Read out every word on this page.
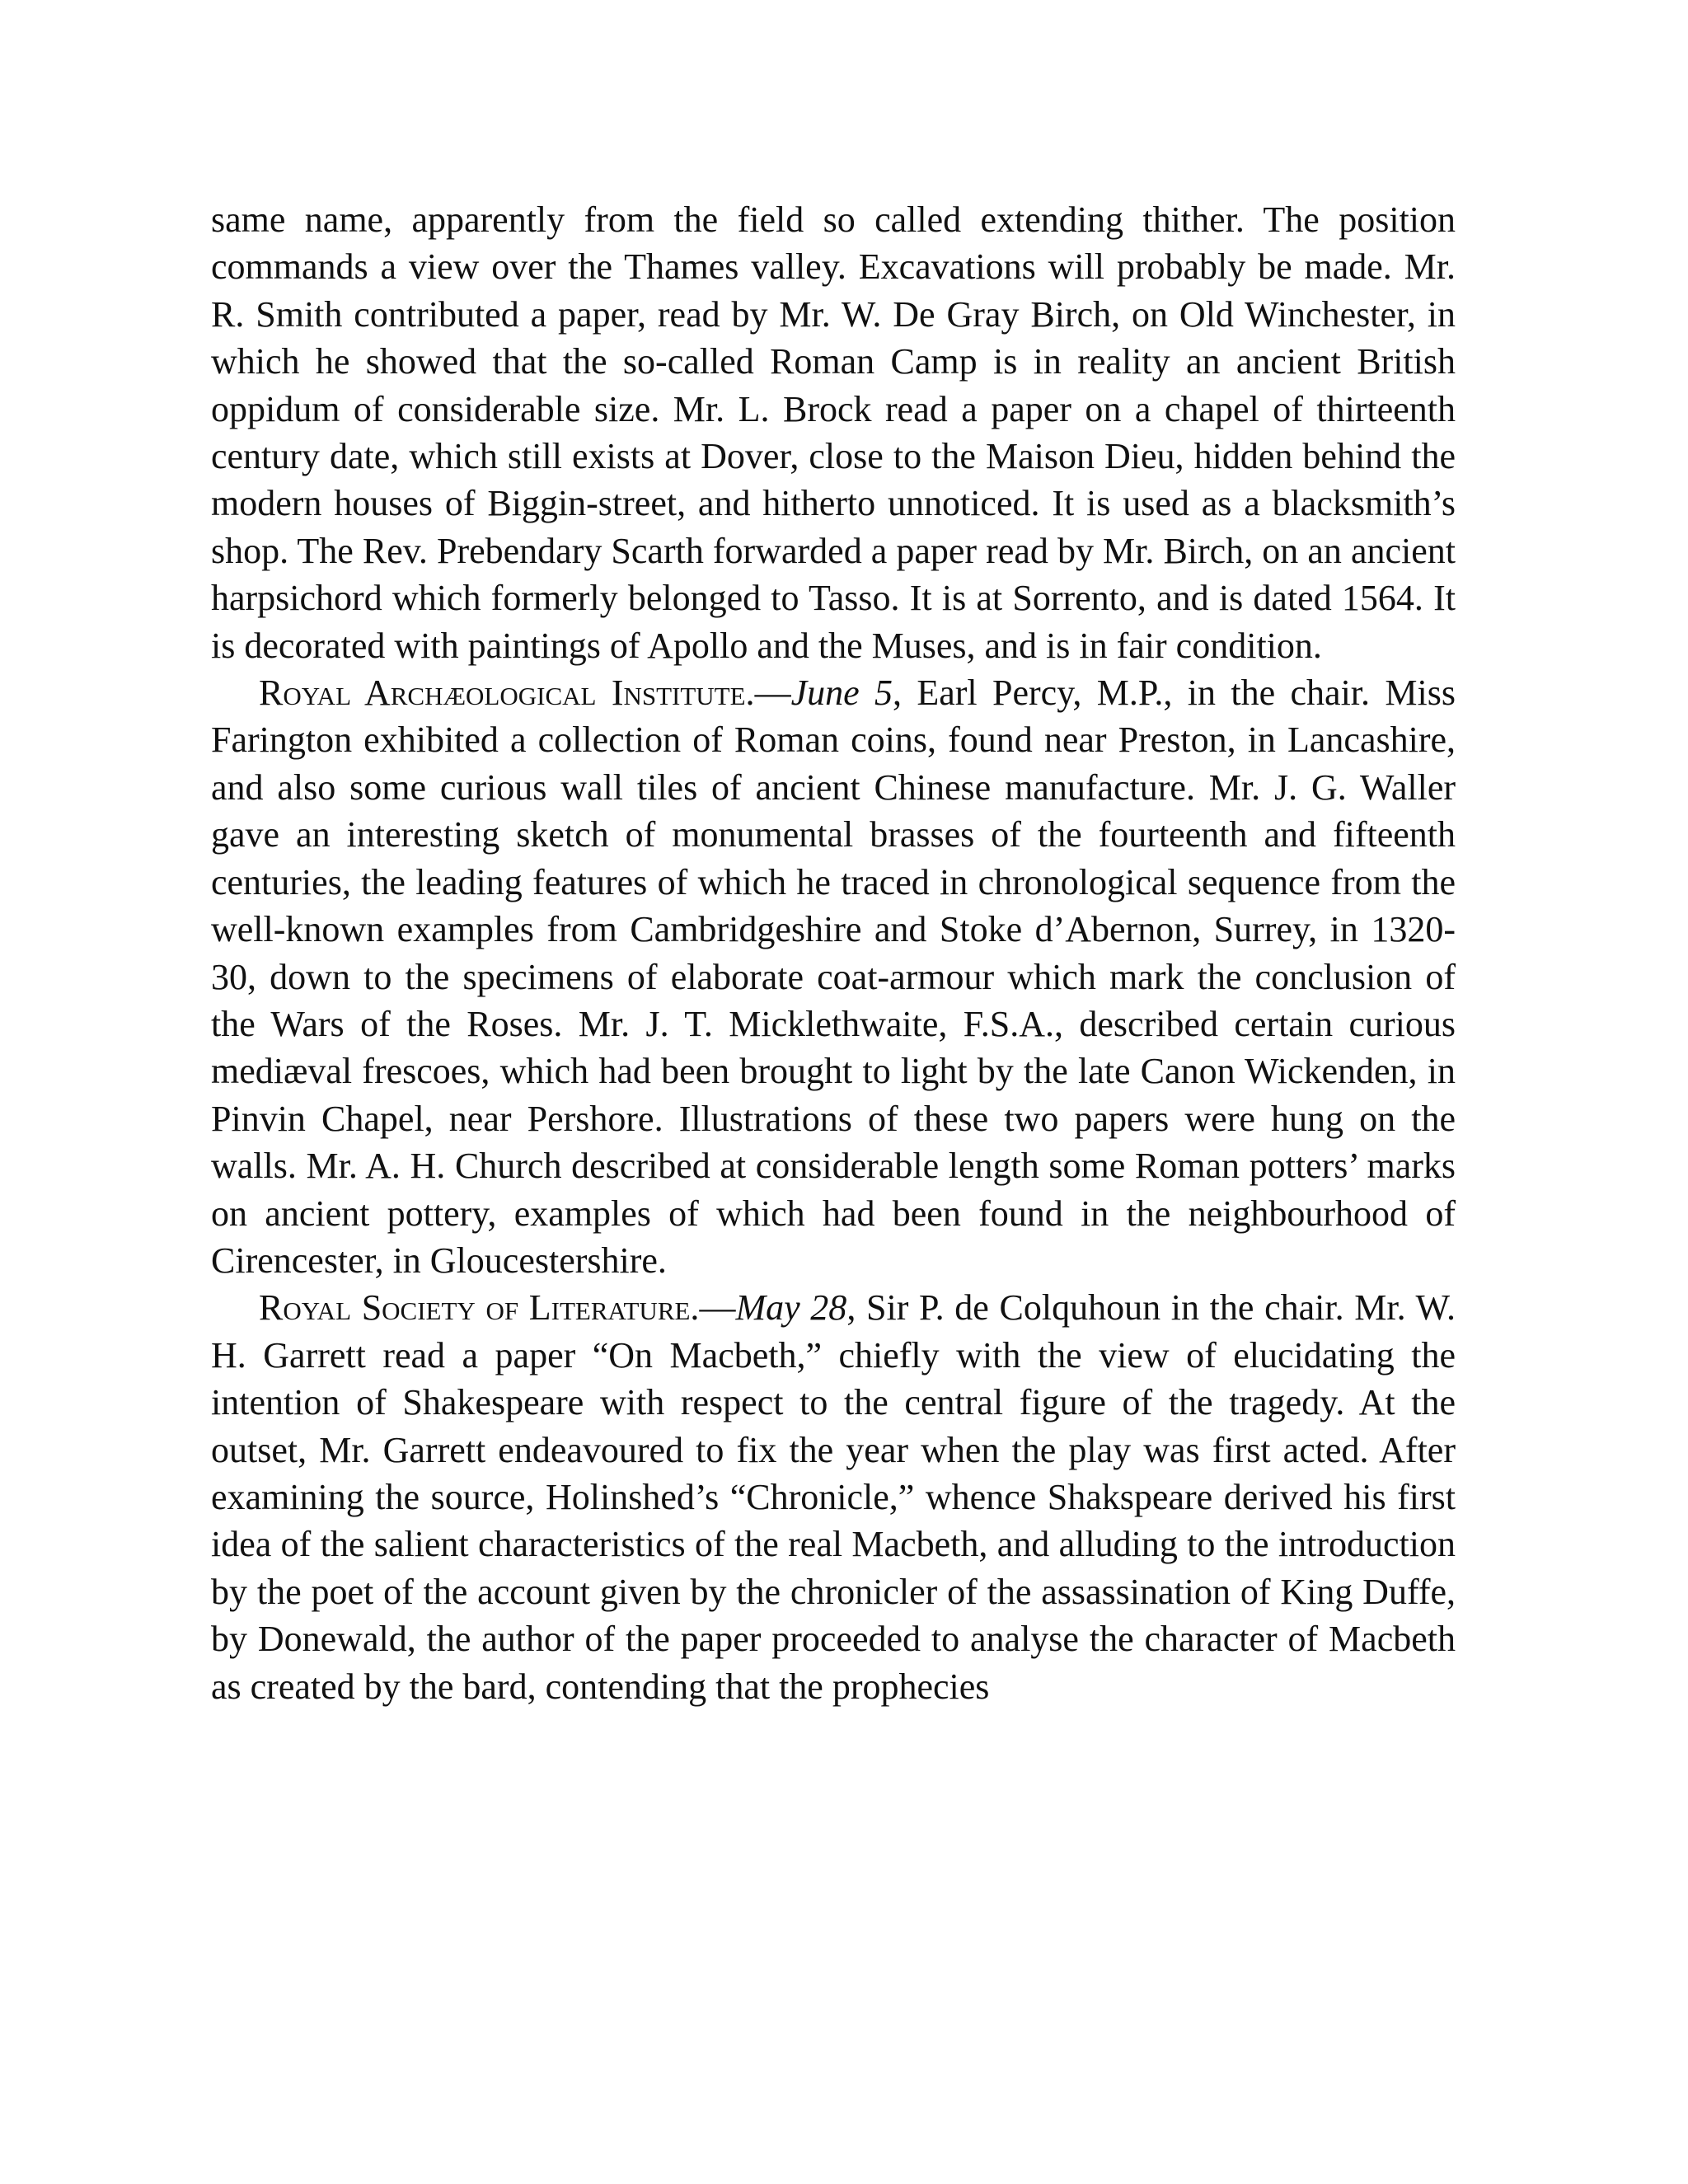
same name, apparently from the field so called extending thither. The position commands a view over the Thames valley. Excavations will probably be made. Mr. R. Smith contributed a paper, read by Mr. W. De Gray Birch, on Old Winchester, in which he showed that the so-called Roman Camp is in reality an ancient British oppidum of considerable size. Mr. L. Brock read a paper on a chapel of thirteenth century date, which still exists at Dover, close to the Maison Dieu, hidden behind the modern houses of Biggin-street, and hitherto unnoticed. It is used as a blacksmith’s shop. The Rev. Prebendary Scarth forwarded a paper read by Mr. Birch, on an ancient harpsichord which formerly belonged to Tasso. It is at Sorrento, and is dated 1564. It is decorated with paintings of Apollo and the Muses, and is in fair condition.

Royal Archæological Institute.—June 5, Earl Percy, M.P., in the chair. Miss Farington exhibited a collection of Roman coins, found near Preston, in Lancashire, and also some curious wall tiles of ancient Chinese manufacture. Mr. J. G. Waller gave an interesting sketch of monumental brasses of the fourteenth and fifteenth centuries, the leading features of which he traced in chronological sequence from the well-known examples from Cambridgeshire and Stoke d’Abernon, Surrey, in 1320-30, down to the specimens of elaborate coat-armour which mark the conclusion of the Wars of the Roses. Mr. J. T. Micklethwaite, F.S.A., described certain curious mediæval frescoes, which had been brought to light by the late Canon Wickenden, in Pinvin Chapel, near Pershore. Illustrations of these two papers were hung on the walls. Mr. A. H. Church described at considerable length some Roman potters’ marks on ancient pottery, examples of which had been found in the neighbourhood of Cirencester, in Gloucestershire.

Royal Society of Literature.—May 28, Sir P. de Colquhoun in the chair. Mr. W. H. Garrett read a paper “On Macbeth,” chiefly with the view of elucidating the intention of Shakespeare with respect to the central figure of the tragedy. At the outset, Mr. Garrett endeavoured to fix the year when the play was first acted. After examining the source, Holinshed’s “Chronicle,” whence Shakspeare derived his first idea of the salient characteristics of the real Macbeth, and alluding to the introduction by the poet of the account given by the chronicler of the assassination of King Duffe, by Donewald, the author of the paper proceeded to analyse the character of Macbeth as created by the bard, contending that the prophecies
